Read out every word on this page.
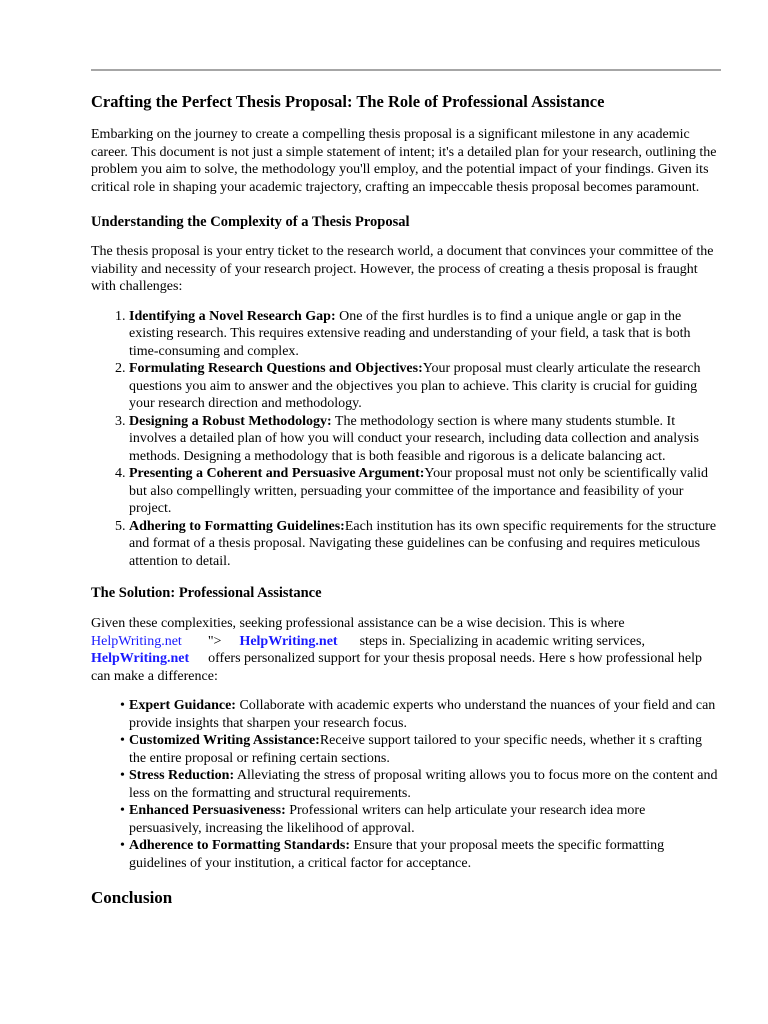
Crafting the Perfect Thesis Proposal: The Role of Professional Assistance

Embarking on the journey to create a compelling thesis proposal is a significant milestone in any academic career. This document is not just a simple statement of intent; it's a detailed plan for your research, outlining the problem you aim to solve, the methodology you'll employ, and the potential impact of your findings. Given its critical role in shaping your academic trajectory, crafting an impeccable thesis proposal becomes paramount.

Understanding the Complexity of a Thesis Proposal

The thesis proposal is your entry ticket to the research world, a document that convinces your committee of the viability and necessity of your research project. However, the process of creating a thesis proposal is fraught with challenges:

1. Identifying a Novel Research Gap: One of the first hurdles is to find a unique angle or gap in the existing research. This requires extensive reading and understanding of your field, a task that is both time-consuming and complex.
2. Formulating Research Questions and Objectives:Your proposal must clearly articulate the research questions you aim to answer and the objectives you plan to achieve. This clarity is crucial for guiding your research direction and methodology.
3. Designing a Robust Methodology: The methodology section is where many students stumble. It involves a detailed plan of how you will conduct your research, including data collection and analysis methods. Designing a methodology that is both feasible and rigorous is a delicate balancing act.
4. Presenting a Coherent and Persuasive Argument:Your proposal must not only be scientifically valid but also compellingly written, persuading your committee of the importance and feasibility of your project.
5. Adhering to Formatting Guidelines:Each institution has its own specific requirements for the structure and format of a thesis proposal. Navigating these guidelines can be confusing and requires meticulous attention to detail.
The Solution: Professional Assistance

Given these complexities, seeking professional assistance can be a wise decision. This is where
HelpWriting.net "> HelpWriting.net steps in. Specializing in academic writing services,
HelpWriting.net offers personalized support for your thesis proposal needs. Here s how professional help can make a difference:

• Expert Guidance: Collaborate with academic experts who understand the nuances of your field and can provide insights that sharpen your research focus.
• Customized Writing Assistance:Receive support tailored to your specific needs, whether it s crafting the entire proposal or refining certain sections.
• Stress Reduction: Alleviating the stress of proposal writing allows you to focus more on the content and less on the formatting and structural requirements.
• Enhanced Persuasiveness: Professional writers can help articulate your research idea more persuasively, increasing the likelihood of approval.
• Adherence to Formatting Standards: Ensure that your proposal meets the specific formatting guidelines of your institution, a critical factor for acceptance.
Conclusion
